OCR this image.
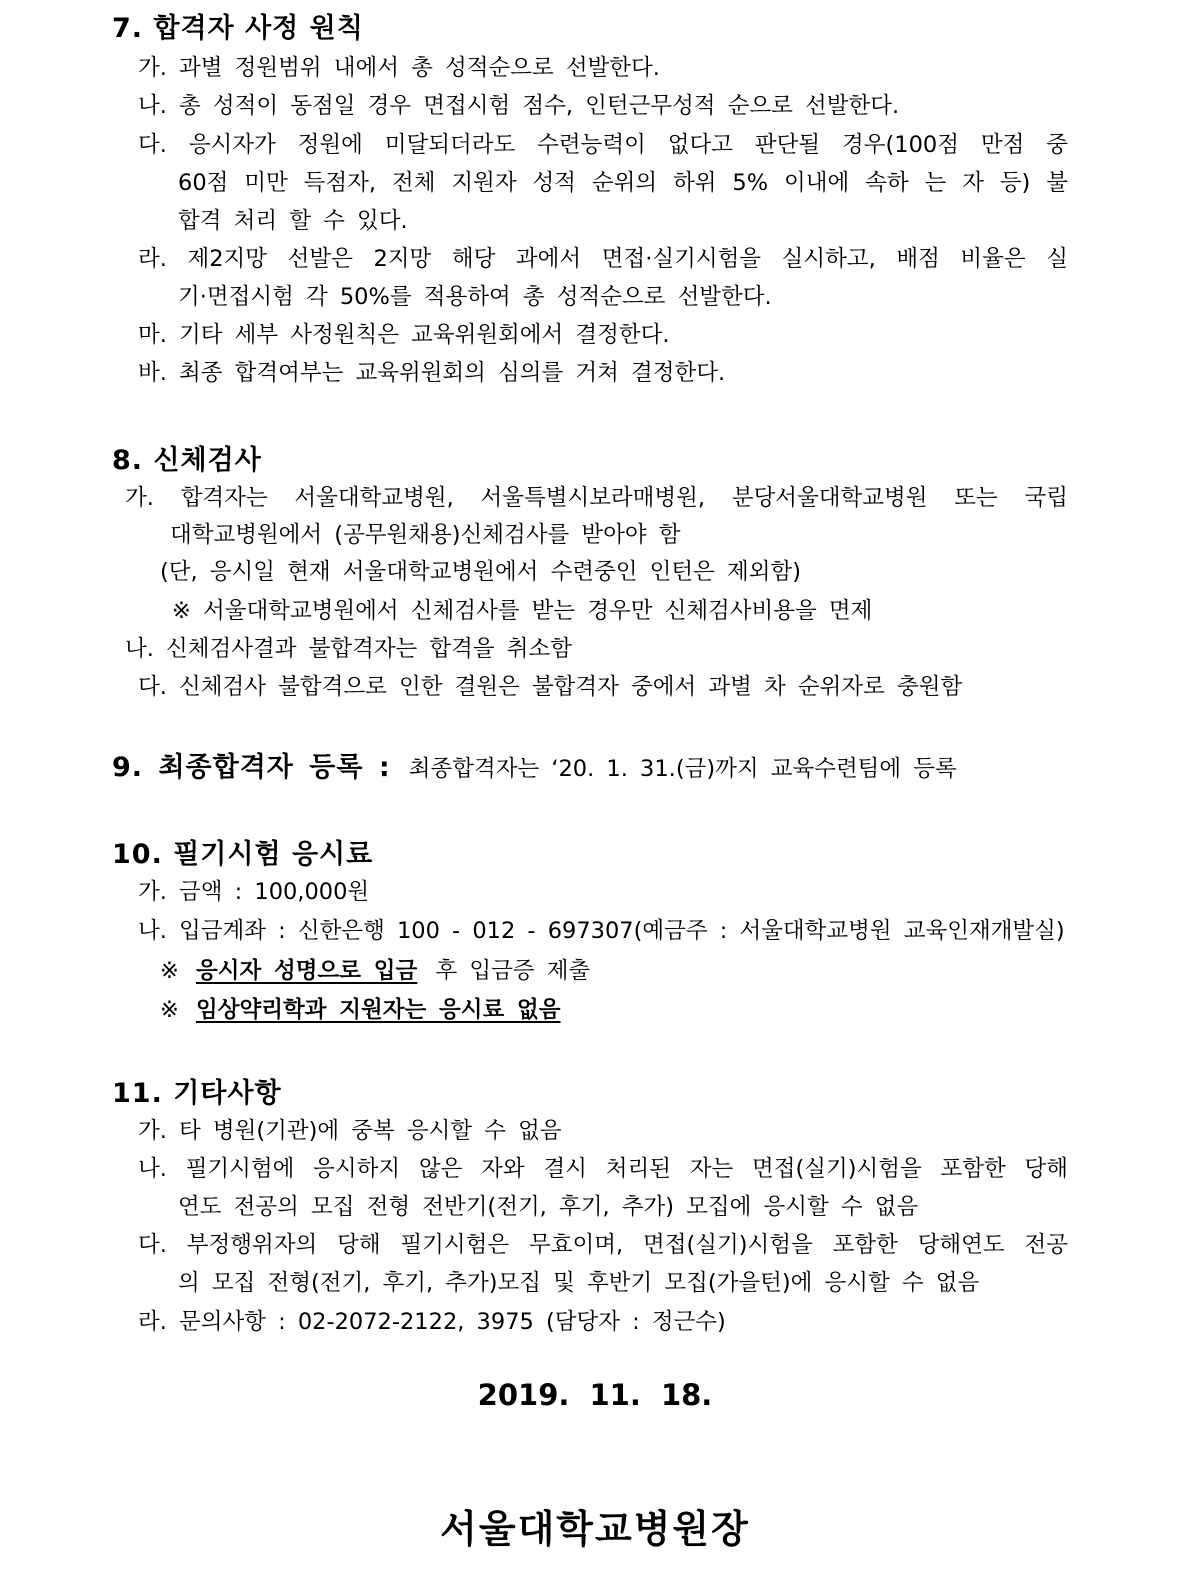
7. 합격자 사정 원칙
가. 과별 정원범위 내에서 총 성적순으로 선발한다.
나. 총 성적이 동점일 경우 면접시험 점수, 인턴근무성적 순으로 선발한다.
다. 응시자가 정원에 미달되더라도 수련능력이 없다고 판단될 경우(100점 만점 중
60점 미만 득점자, 전체 지원자 성적 순위의 하위 5% 이내에 속하 는 자 등) 불
합격 처리 할 수 있다.
라. 제2지망 선발은 2지망 해당 과에서 면접·실기시험을 실시하고, 배점 비율은 실
기·면접시험 각 50%를 적용하여 총 성적순으로 선발한다.
마. 기타 세부 사정원칙은 교육위원회에서 결정한다.
바. 최종 합격여부는 교육위원회의 심의를 거쳐 결정한다.
8. 신체검사
가. 합격자는 서울대학교병원, 서울특별시보라매병원, 분당서울대학교병원 또는 국립
대학교병원에서 (공무원채용)신체검사를 받아야 함
(단, 응시일 현재 서울대학교병원에서 수련중인 인턴은 제외함)
※ 서울대학교병원에서 신체검사를 받는 경우만 신체검사비용을 면제
나. 신체검사결과 불합격자는 합격을 취소함
다. 신체검사 불합격으로 인한 결원은 불합격자 중에서 과별 차 순위자로 충원함
9. 최종합격자 등록 : 최종합격자는 ‘20. 1. 31.(금)까지 교육수련팀에 등록
10. 필기시험 응시료
가. 금액 : 100,000원
나. 입금계좌 : 신한은행 100 - 012 - 697307(예금주 : 서울대학교병원 교육인재개발실)
※ 응시자 성명으로 입금 후 입금증 제출
※ 임상약리학과 지원자는 응시료 없음
11. 기타사항
가. 타 병원(기관)에 중복 응시할 수 없음
나. 필기시험에 응시하지 않은 자와 결시 처리된 자는 면접(실기)시험을 포함한 당해
연도 전공의 모집 전형 전반기(전기, 후기, 추가) 모집에 응시할 수 없음
다. 부정행위자의 당해 필기시험은 무효이며, 면접(실기)시험을 포함한 당해연도 전공
의 모집 전형(전기, 후기, 추가)모집 및 후반기 모집(가을턴)에 응시할 수 없음
라. 문의사항 : 02-2072-2122, 3975 (담당자 : 정근수)
2019. 11. 18.
서울대학교병원장
